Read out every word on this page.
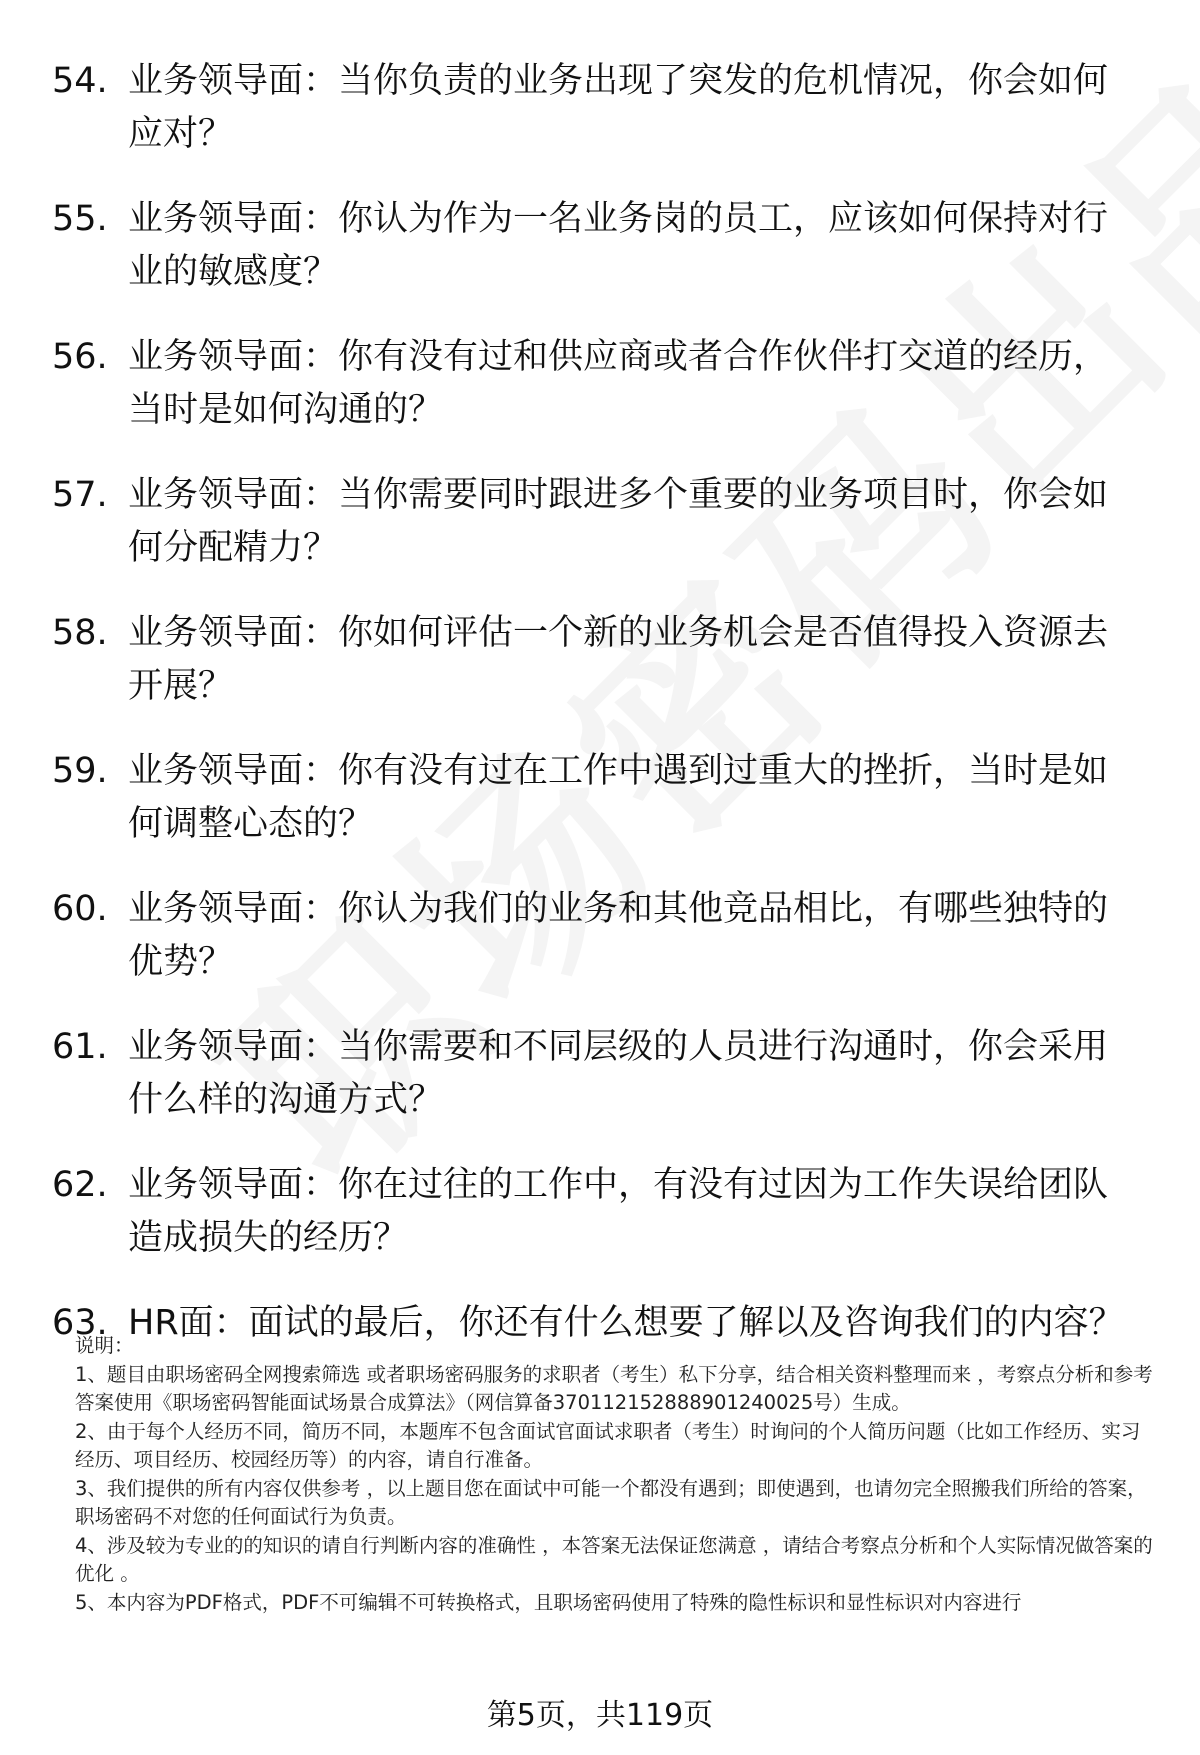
54. 业务领导面：当你负责的业务出现了突发的危机情况，你会如何应对？
55. 业务领导面：你认为作为一名业务岗的员工，应该如何保持对行业的敏感度？
56. 业务领导面：你有没有过和供应商或者合作伙伴打交道的经历，当时是如何沟通的？
57. 业务领导面：当你需要同时跟进多个重要的业务项目时，你会如何分配精力？
58. 业务领导面：你如何评估一个新的业务机会是否值得投入资源去开展？
59. 业务领导面：你有没有过在工作中遇到过重大的挫折，当时是如何调整心态的？
60. 业务领导面：你认为我们的业务和其他竞品相比，有哪些独特的优势？
61. 业务领导面：当你需要和不同层级的人员进行沟通时，你会采用什么样的沟通方式？
62. 业务领导面：你在过往的工作中，有没有过因为工作失误给团队造成损失的经历？
63. HR面：面试的最后，你还有什么想要了解以及咨询我们的内容？

说明：

1、题目由职场密码全网搜索筛选 或者职场密码服务的求职者（考生）私下分享，结合相关资料整理而来 ，考察点分析和参考答案使用《职场密码智能面试场景合成算法》（网信算备370112152888901240025号）生成。

2、由于每个人经历不同，简历不同，本题库不包含面试官面试求职者（考生）时询问的个人简历问题（比如工作经历、实习经历、项目经历、校园经历等）的内容，请自行准备。

3、我们提供的所有内容仅供参考 ，以上题目您在面试中可能一个都没有遇到；即使遇到，也请勿完全照搬我们所给的答案，职场密码不对您的任何面试行为负责。

4、涉及较为专业的的知识的请自行判断内容的准确性 ，本答案无法保证您满意 ，请结合考察点分析和个人实际情况做答案的优化 。

5、本内容为PDF格式，PDF不可编辑不可转换格式，且职场密码使用了特殊的隐性标识和显性标识对内容进行

第5页，共119页
